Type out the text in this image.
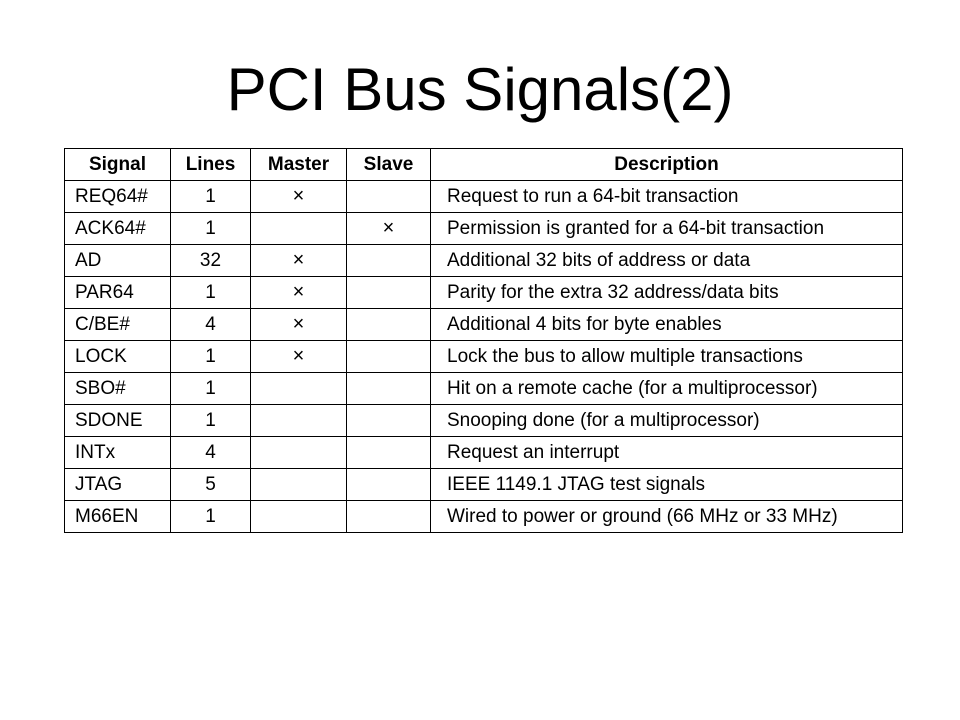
PCI Bus Signals(2)
Signal	Lines	Master	Slave	Description
REQ64#	1	×		Request to run a 64-bit transaction
ACK64#	1		×	Permission is granted for a 64-bit transaction
AD	32	×		Additional 32 bits of address or data
PAR64	1	×		Parity for the extra 32 address/data bits
C/BE#	4	×		Additional 4 bits for byte enables
LOCK	1	×		Lock the bus to allow multiple transactions
SBO#	1			Hit on a remote cache (for a multiprocessor)
SDONE	1			Snooping done (for a multiprocessor)
INTx	4			Request an interrupt
JTAG	5			IEEE 1149.1 JTAG test signals
M66EN	1			Wired to power or ground (66 MHz or 33 MHz)
